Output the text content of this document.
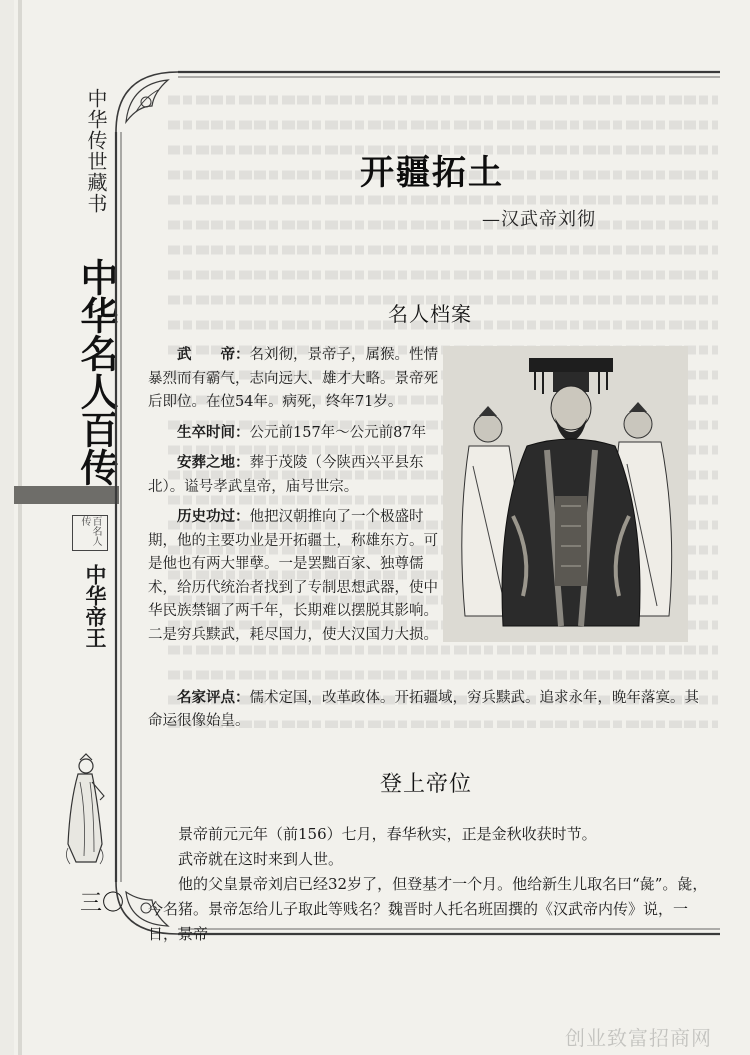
中华传世藏书
中华名人百传
百名人传
中华帝王
三〇
开疆拓土
—汉武帝刘彻
名人档案

武　　帝：名刘彻，景帝子，属猴。性情暴烈而有霸气，志向远大、雄才大略。景帝死后即位。在位54年。病死，终年71岁。

生卒时间：公元前157年～公元前87年

安葬之地：葬于茂陵（今陕西兴平县东北）。谥号孝武皇帝，庙号世宗。

历史功过：他把汉朝推向了一个极盛时期，他的主要功业是开拓疆土，称雄东方。可是他也有两大罪孽。一是罢黜百家、独尊儒术，给历代统治者找到了专制思想武器，使中华民族禁锢了两千年，长期难以摆脱其影响。二是穷兵黩武，耗尽国力，使大汉国力大损。

名家评点：儒术定国，改革政体。开拓疆域，穷兵黩武。追求永年，晚年落寞。其命运很像始皇。

登上帝位

景帝前元元年（前156）七月，春华秋实，正是金秋收获时节。

武帝就在这时来到人世。

他的父皇景帝刘启已经32岁了，但登基才一个月。他给新生儿取名曰“彘”。彘，今名猪。景帝怎给儿子取此等贱名？魏晋时人托名班固撰的《汉武帝内传》说，一日，景帝

创业致富招商网
